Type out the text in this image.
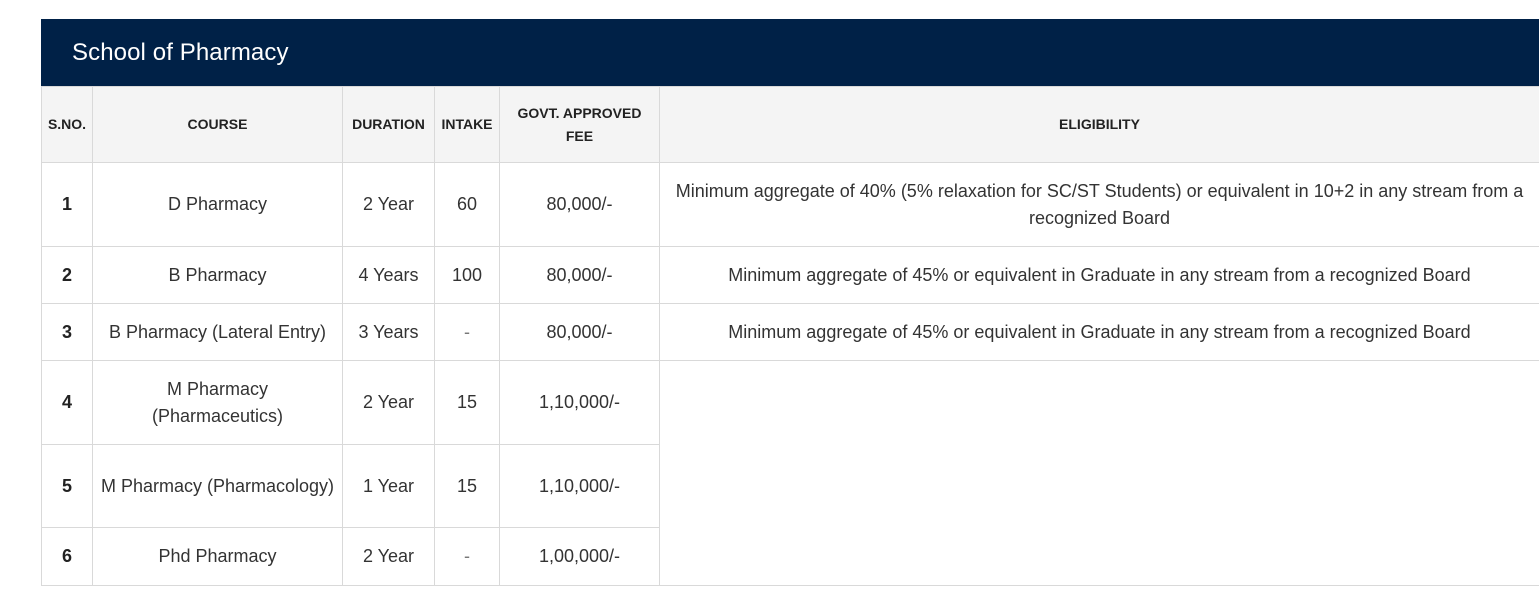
School of Pharmacy
S.NO.	COURSE	DURATION	INTAKE	GOVT. APPROVED FEE	ELIGIBILITY
1	D Pharmacy	2 Year	60	80,000/-	Minimum aggregate of 40% (5% relaxation for SC/ST Students) or equivalent in 10+2 in any stream from a recognized Board
2	B Pharmacy	4 Years	100	80,000/-	Minimum aggregate of 45% or equivalent in Graduate in any stream from a recognized Board
3	B Pharmacy (Lateral Entry)	3 Years	-	80,000/-	Minimum aggregate of 45% or equivalent in Graduate in any stream from a recognized Board
4	M Pharmacy (Pharmaceutics)	2 Year	15	1,10,000/-	
5	M Pharmacy (Pharmacology)	1 Year	15	1,10,000/-	
6	Phd Pharmacy	2 Year	-	1,00,000/-	
